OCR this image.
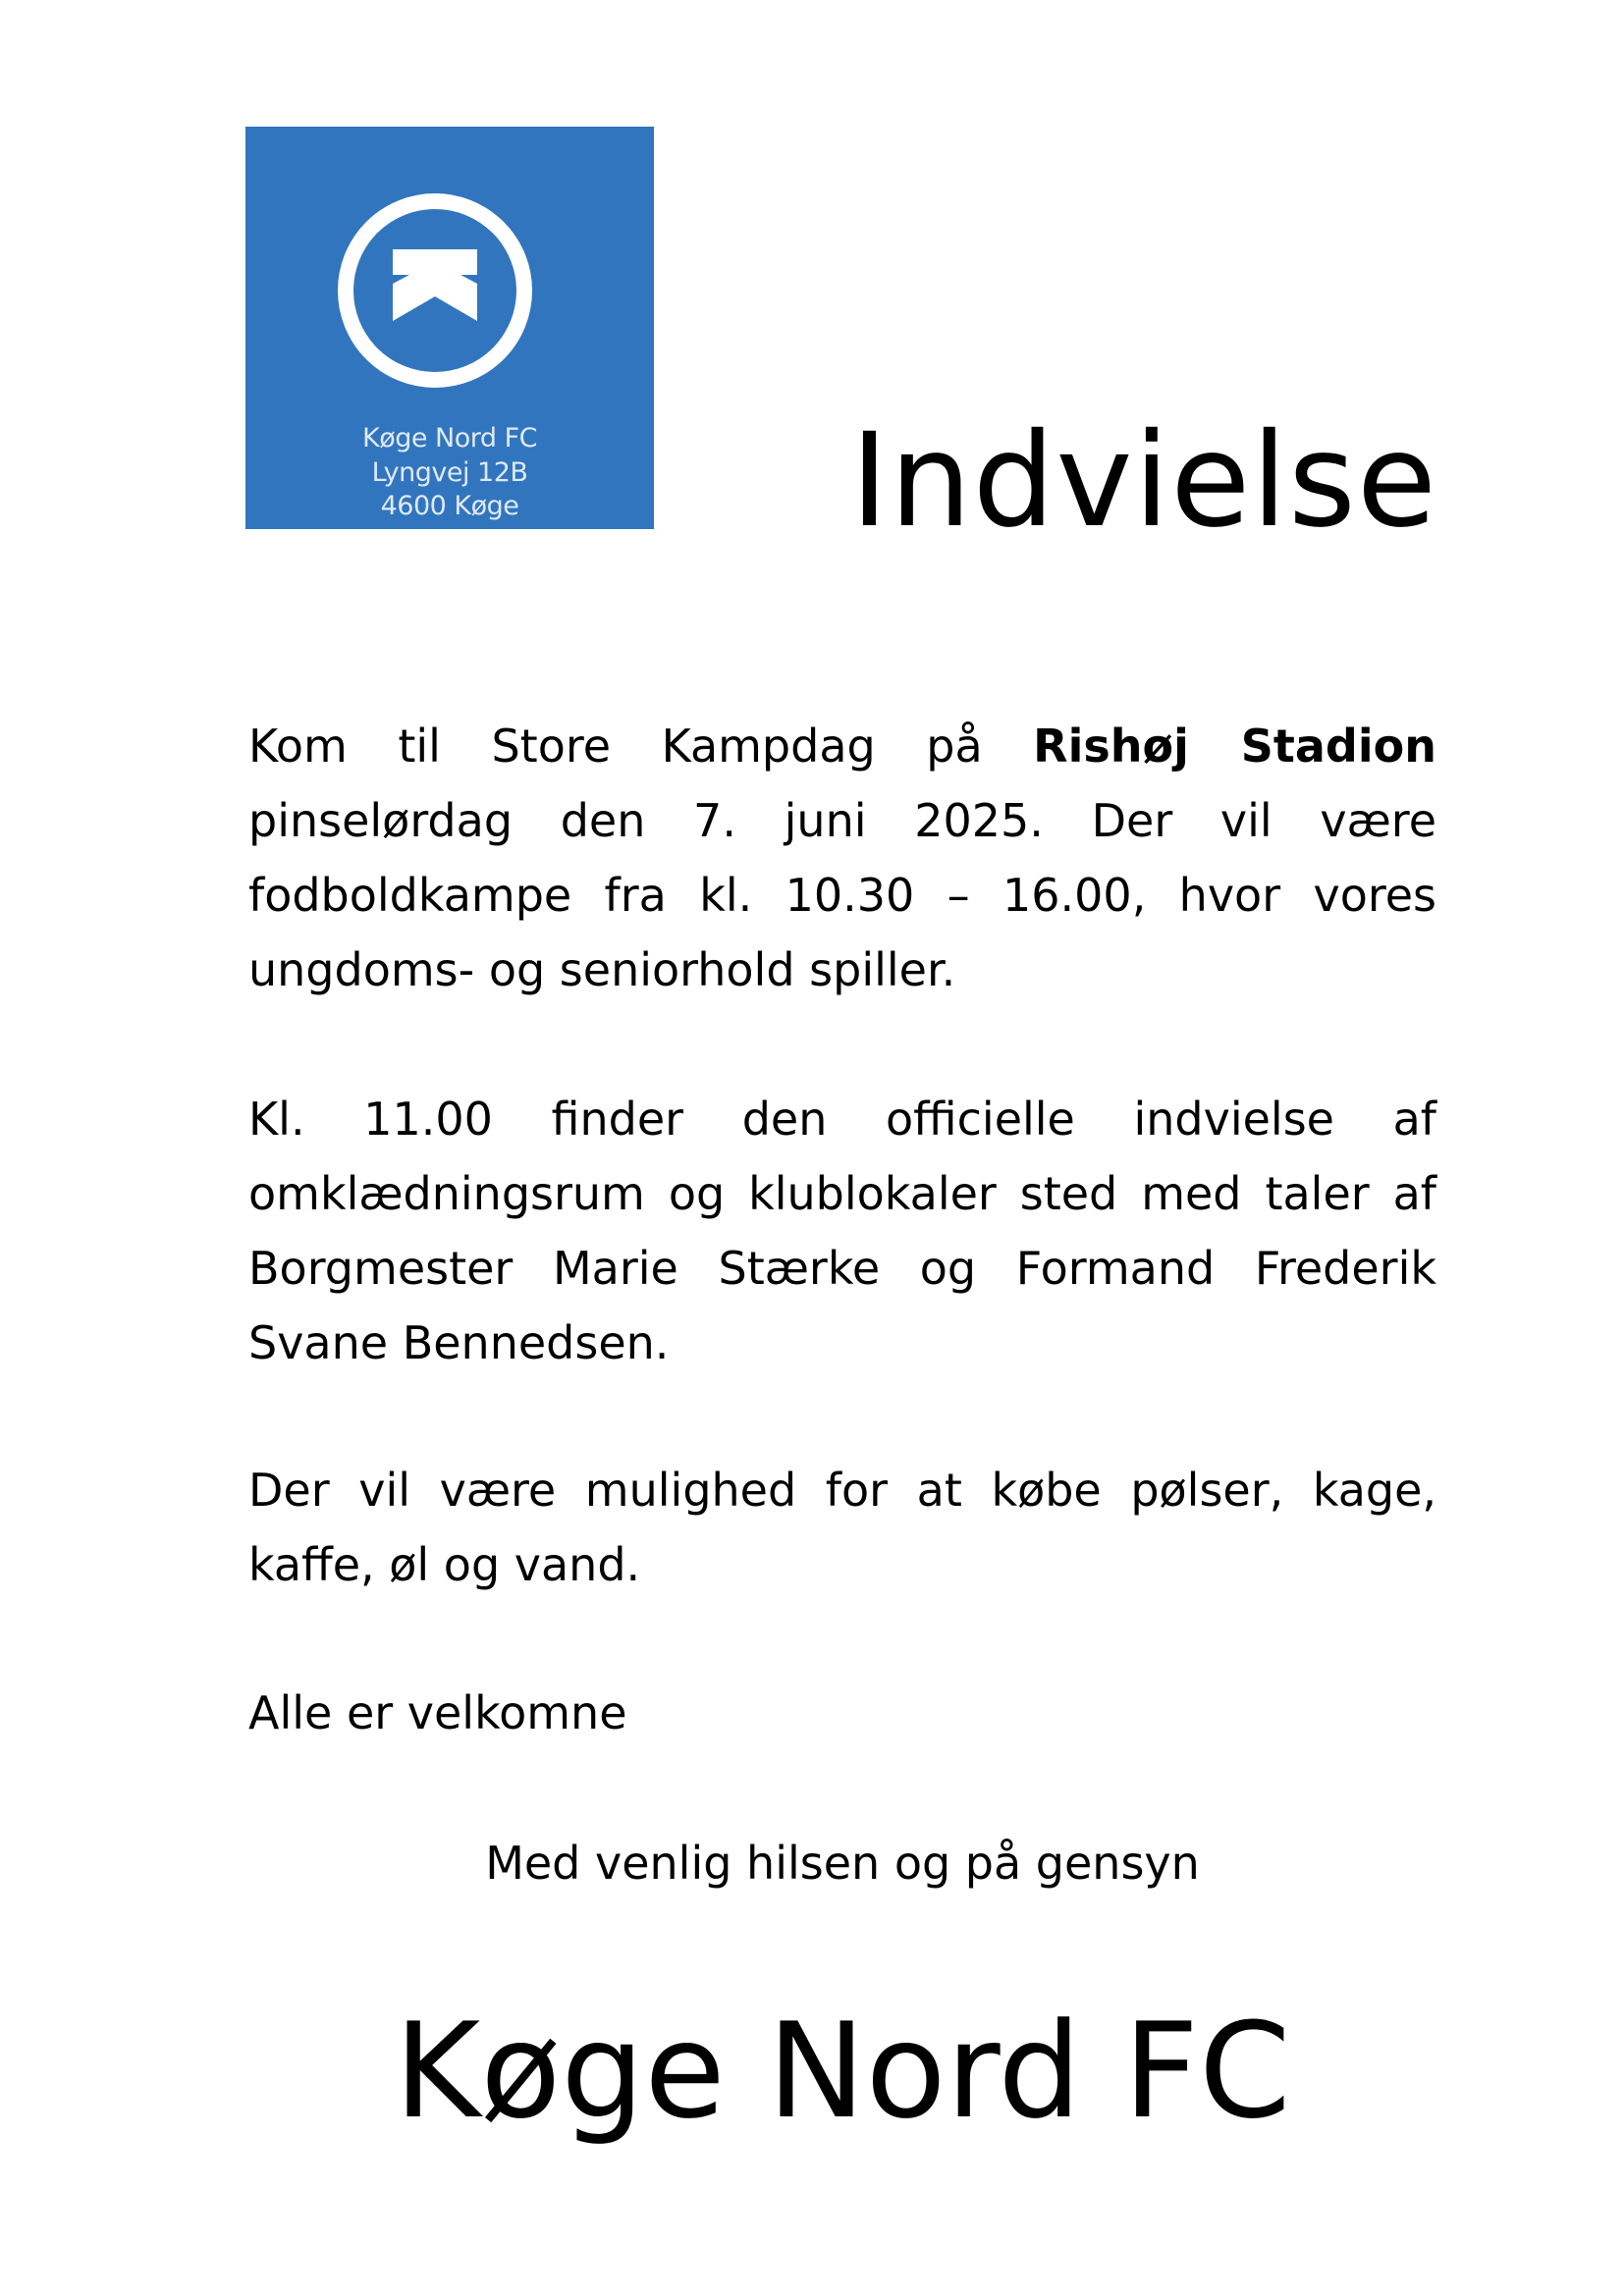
Køge Nord FC
Lyngvej 12B
4600 Køge	Indvielse

Kom til Store Kampdag på Rishøj Stadion pinselørdag den 7. juni 2025. Der vil være fodboldkampe fra kl. 10.30 – 16.00, hvor vores ungdoms- og seniorhold spiller.

Kl. 11.00 finder den officielle indvielse af omklædningsrum og klublokaler sted med taler af Borgmester Marie Stærke og Formand Frederik Svane Bennedsen.

Der vil være mulighed for at købe pølser, kage, kaffe, øl og vand.

Alle er velkomne

Med venlig hilsen og på gensyn

Køge Nord FC
